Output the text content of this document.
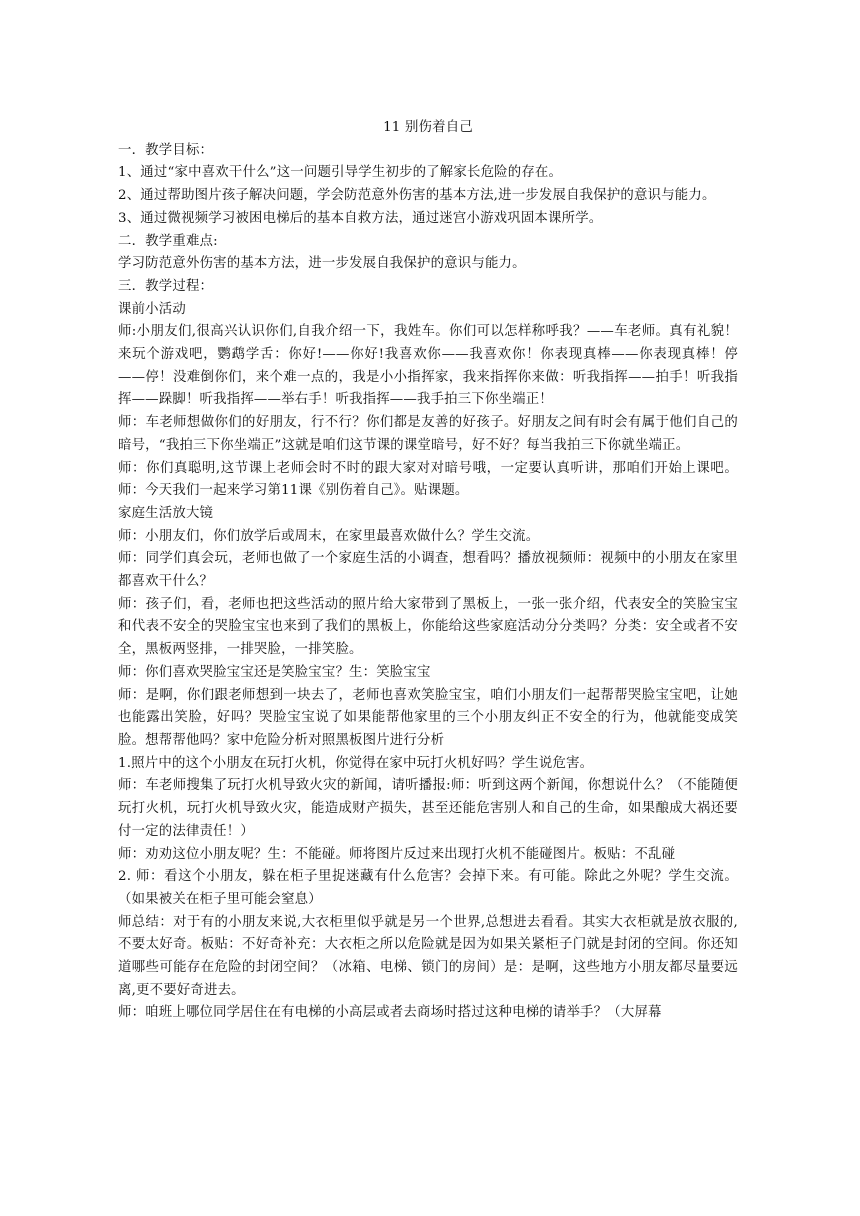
11 别伤着自己

一．教学目标：

1、通过“家中喜欢干什么”这一问题引导学生初步的了解家长危险的存在。

2、通过帮助图片孩子解决问题，学会防范意外伤害的基本方法,进一步发展自我保护的意识与能力。

3、通过微视频学习被困电梯后的基本自救方法，通过迷宫小游戏巩固本课所学。

二．教学重难点:

学习防范意外伤害的基本方法，进一步发展自我保护的意识与能力。

三．教学过程：

课前小活动

师:小朋友们,很高兴认识你们,自我介绍一下，我姓车。你们可以怎样称呼我？——车老师。真有礼貌！来玩个游戏吧，鹦鹉学舌：你好!——你好!我喜欢你——我喜欢你！你表现真棒——你表现真棒！停——停！没难倒你们，来个难一点的，我是小小指挥家，我来指挥你来做：听我指挥——拍手！听我指挥——跺脚！听我指挥——举右手！听我指挥——我手拍三下你坐端正！

师：车老师想做你们的好朋友，行不行？你们都是友善的好孩子。好朋友之间有时会有属于他们自己的暗号，“我拍三下你坐端正”这就是咱们这节课的课堂暗号，好不好？每当我拍三下你就坐端正。

师：你们真聪明,这节课上老师会时不时的跟大家对对暗号哦，一定要认真听讲，那咱们开始上课吧。师：今天我们一起来学习第11课《别伤着自己》。贴课题。

家庭生活放大镜

师：小朋友们，你们放学后或周末，在家里最喜欢做什么？学生交流。

师：同学们真会玩，老师也做了一个家庭生活的小调查，想看吗？播放视频师：视频中的小朋友在家里都喜欢干什么？

师：孩子们，看，老师也把这些活动的照片给大家带到了黑板上，一张一张介绍，代表安全的笑脸宝宝和代表不安全的哭脸宝宝也来到了我们的黑板上，你能给这些家庭活动分分类吗？分类：安全或者不安全，黑板两竖排，一排哭脸，一排笑脸。

师：你们喜欢哭脸宝宝还是笑脸宝宝？生：笑脸宝宝

师：是啊，你们跟老师想到一块去了，老师也喜欢笑脸宝宝，咱们小朋友们一起帮帮哭脸宝宝吧，让她也能露出笑脸，好吗？哭脸宝宝说了如果能帮他家里的三个小朋友纠正不安全的行为，他就能变成笑脸。想帮帮他吗？家中危险分析对照黑板图片进行分析

1.照片中的这个小朋友在玩打火机，你觉得在家中玩打火机好吗？学生说危害。

师：车老师搜集了玩打火机导致火灾的新闻，请听播报:师：听到这两个新闻，你想说什么？（不能随便玩打火机，玩打火机导致火灾，能造成财产损失，甚至还能危害别人和自己的生命，如果酿成大祸还要付一定的法律责任！）

师：劝劝这位小朋友呢？生：不能碰。师将图片反过来出现打火机不能碰图片。板贴：不乱碰

2. 师：看这个小朋友，躲在柜子里捉迷藏有什么危害？会掉下来。有可能。除此之外呢？学生交流。（如果被关在柜子里可能会窒息）

师总结：对于有的小朋友来说,大衣柜里似乎就是另一个世界,总想进去看看。其实大衣柜就是放衣服的,不要太好奇。板贴：不好奇补充：大衣柜之所以危险就是因为如果关紧柜子门就是封闭的空间。你还知道哪些可能存在危险的封闭空间？（冰箱、电梯、锁门的房间）是：是啊，这些地方小朋友都尽量要远离,更不要好奇进去。

师：咱班上哪位同学居住在有电梯的小高层或者去商场时搭过这种电梯的请举手？（大屏幕
